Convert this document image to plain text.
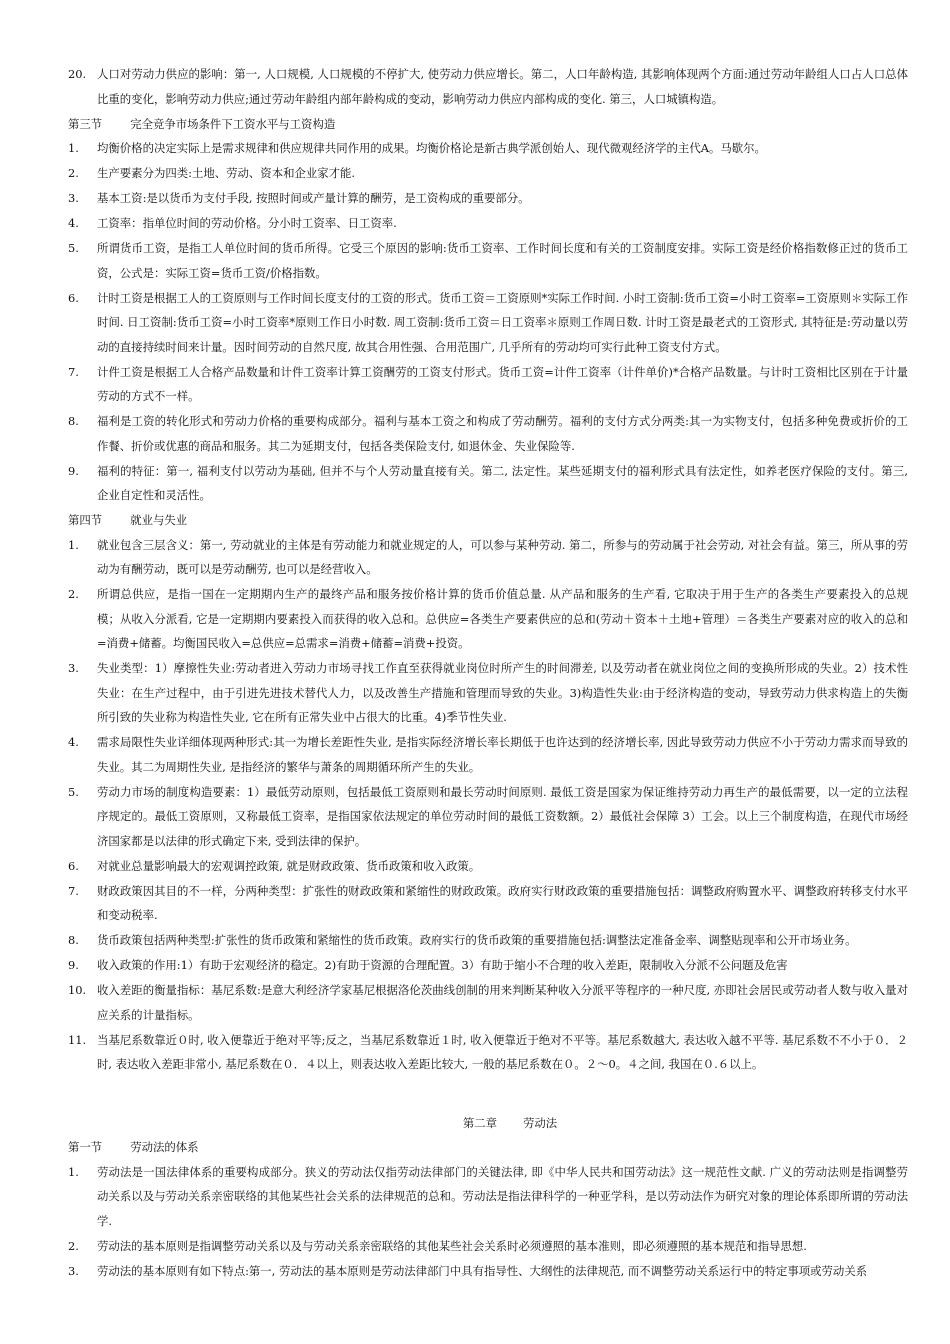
20. 人口对劳动力供应的影响：第一, 人口规模, 人口规模的不停扩大, 使劳动力供应增长。第二，人口年龄构造, 其影响体现两个方面:通过劳动年龄组人口占人口总体比重的变化，影响劳动力供应;通过劳动年龄组内部年龄构成的变动，影响劳动力供应内部构成的变化. 第三，人口城镇构造。
第三节 完全竞争市场条件下工资水平与工资构造
1.	均衡价格的决定实际上是需求规律和供应规律共同作用的成果。均衡价格论是新古典学派创始人、现代微观经济学的主代A。马歇尔。
2.	生产要素分为四类:土地、劳动、资本和企业家才能.
3.	基本工资:是以货币为支付手段, 按照时间或产量计算的酬劳，是工资构成的重要部分。
4.	工资率：指单位时间的劳动价格。分小时工资率、日工资率.
5.	所谓货币工资，是指工人单位时间的货币所得。它受三个原因的影响:货币工资率、工作时间长度和有关的工资制度安排。实际工资是经价格指数修正过的货币工资，公式是：实际工资=货币工资/价格指数。
6.	计时工资是根据工人的工资原则与工作时间长度支付的工资的形式。货币工资＝工资原则*实际工作时间. 小时工资制:货币工资=小时工资率=工资原则＊实际工作时间. 日工资制:货币工资=小时工资率*原则工作日小时数. 周工资制:货币工资＝日工资率＊原则工作周日数. 计时工资是最老式的工资形式, 其特征是:劳动量以劳动的直接持续时间来计量。因时间劳动的自然尺度, 故其合用性强、合用范围广, 几乎所有的劳动均可实行此种工资支付方式。
7.	计件工资是根据工人合格产品数量和计件工资率计算工资酬劳的工资支付形式。货币工资=计件工资率（计件单价)*合格产品数量。与计时工资相比区别在于计量劳动的方式不一样。
8.	福利是工资的转化形式和劳动力价格的重要构成部分。福利与基本工资之和构成了劳动酬劳。福利的支付方式分两类:其一为实物支付，包括多种免费或折价的工作餐、折价或优惠的商品和服务。其二为延期支付，包括各类保险支付, 如退休金、失业保险等.
9.	福利的特征：第一, 福利支付以劳动为基础, 但并不与个人劳动量直接有关。第二, 法定性。某些延期支付的福利形式具有法定性，如养老医疗保险的支付。第三, 企业自定性和灵活性。
第四节 就业与失业
1.	就业包含三层含义：第一, 劳动就业的主体是有劳动能力和就业规定的人，可以参与某种劳动. 第二，所参与的劳动属于社会劳动, 对社会有益。第三，所从事的劳动为有酬劳动，既可以是劳动酬劳, 也可以是经营收入。
2.	所谓总供应，是指一国在一定期期内生产的最终产品和服务按价格计算的货币价值总量. 从产品和服务的生产看, 它取决于用于生产的各类生产要素投入的总规模；从收入分派看, 它是一定期期内要素投入而获得的收入总和。总供应=各类生产要素供应的总和(劳动＋资本＋土地+管理）＝各类生产要素对应的收入的总和=消费+储蓄。均衡国民收入=总供应=总需求=消费+储蓄=消费+投资。
3.	失业类型：1）摩擦性失业:劳动者进入劳动力市场寻找工作直至获得就业岗位时所产生的时间滞差, 以及劳动者在就业岗位之间的变换所形成的失业。2）技术性失业：在生产过程中，由于引进先进技术替代人力，以及改善生产措施和管理而导致的失业。3)构造性失业:由于经济构造的变动，导致劳动力供求构造上的失衡所引致的失业称为构造性失业, 它在所有正常失业中占很大的比重。4)季节性失业.
4.	需求局限性失业详细体现两种形式:其一为增长差距性失业, 是指实际经济增长率长期低于也许达到的经济增长率, 因此导致劳动力供应不小于劳动力需求而导致的失业。其二为周期性失业, 是指经济的繁华与萧条的周期循环所产生的失业。
5.	劳动力市场的制度构造要素：1）最低劳动原则，包括最低工资原则和最长劳动时间原则. 最低工资是国家为保证维持劳动力再生产的最低需要，以一定的立法程序规定的。最低工资原则，又称最低工资率，是指国家依法规定的单位劳动时间的最低工资数额。2）最低社会保障 3）工会。以上三个制度构造，在现代市场经济国家都是以法律的形式确定下来, 受到法律的保护。
6.	对就业总量影响最大的宏观调控政策, 就是财政政策、货币政策和收入政策。
7.	财政政策因其目的不一样，分两种类型：扩张性的财政政策和紧缩性的财政政策。政府实行财政政策的重要措施包括：调整政府购置水平、调整政府转移支付水平和变动税率.
8.	货币政策包括两种类型:扩张性的货币政策和紧缩性的货币政策。政府实行的货币政策的重要措施包括:调整法定准备金率、调整贴现率和公开市场业务。
9.	收入政策的作用:1）有助于宏观经济的稳定。2)有助于资源的合理配置。3）有助于缩小不合理的收入差距，限制收入分派不公问题及危害
10. 收入差距的衡量指标：基尼系数:是意大利经济学家基尼根据洛伦茨曲线创制的用来判断某种收入分派平等程序的一种尺度, 亦即社会居民或劳动者人数与收入量对应关系的计量指标。
11. 当基尼系数靠近０时, 收入便靠近于绝对平等;反之，当基尼系数靠近１时, 收入便靠近于绝对不平等。基尼系数越大, 表达收入越不平等. 基尼系数不不小于０．２时, 表达收入差距非常小, 基尼系数在０．４以上，则表达收入差距比较大, 一般的基尼系数在０。２～0。４之间, 我国在０.６以上。
第二章 劳动法
第一节 劳动法的体系
1.	劳动法是一国法律体系的重要构成部分。狭义的劳动法仅指劳动法律部门的关键法律, 即《中华人民共和国劳动法》这一规范性文献. 广义的劳动法则是指调整劳动关系以及与劳动关系亲密联络的其他某些社会关系的法律规范的总和。劳动法是指法律科学的一种亚学科，是以劳动法作为研究对象的理论体系即所谓的劳动法学.
2.	劳动法的基本原则是指调整劳动关系以及与劳动关系亲密联络的其他某些社会关系时必须遵照的基本准则，即必须遵照的基本规范和指导思想.
3.	劳动法的基本原则有如下特点:第一, 劳动法的基本原则是劳动法律部门中具有指导性、大纲性的法律规范, 而不调整劳动关系运行中的特定事项或劳动关系
